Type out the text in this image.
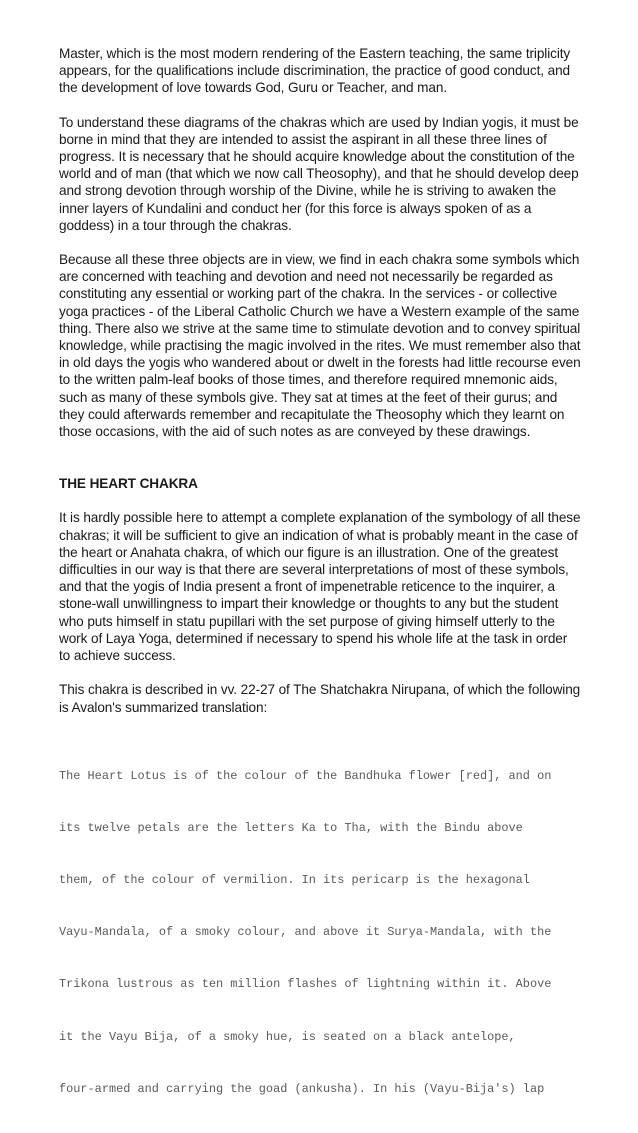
Master, which is the most modern rendering of the Eastern teaching, the same triplicity appears, for the qualifications include discrimination, the practice of good conduct, and the development of love towards God, Guru or Teacher, and man.

To understand these diagrams of the chakras which are used by Indian yogis, it must be borne in mind that they are intended to assist the aspirant in all these three lines of progress. It is necessary that he should acquire knowledge about the constitution of the world and of man (that which we now call Theosophy), and that he should develop deep and strong devotion through worship of the Divine, while he is striving to awaken the inner layers of Kundalini and conduct her (for this force is always spoken of as a goddess) in a tour through the chakras.

Because all these three objects are in view, we find in each chakra some symbols which are concerned with teaching and devotion and need not necessarily be regarded as constituting any essential or working part of the chakra. In the services - or collective yoga practices - of the Liberal Catholic Church we have a Western example of the same thing. There also we strive at the same time to stimulate devotion and to convey spiritual knowledge, while practising the magic involved in the rites. We must remember also that in old days the yogis who wandered about or dwelt in the forests had little recourse even to the written palm-leaf books of those times, and therefore required mnemonic aids, such as many of these symbols give. They sat at times at the feet of their gurus; and they could afterwards remember and recapitulate the Theosophy which they learnt on those occasions, with the aid of such notes as are conveyed by these drawings.

THE HEART CHAKRA

It is hardly possible here to attempt a complete explanation of the symbology of all these chakras; it will be sufficient to give an indication of what is probably meant in the case of the heart or Anahata chakra, of which our figure is an illustration. One of the greatest difficulties in our way is that there are several interpretations of most of these symbols, and that the yogis of India present a front of impenetrable reticence to the inquirer, a stone-wall unwillingness to impart their knowledge or thoughts to any but the student who puts himself in statu pupillari with the set purpose of giving himself utterly to the work of Laya Yoga, determined if necessary to spend his whole life at the task in order to achieve success.

This chakra is described in vv. 22-27 of The Shatchakra Nirupana, of which the following is Avalon's summarized translation:

The Heart Lotus is of the colour of the Bandhuka flower [red], and on

its twelve petals are the letters Ka to Tha, with the Bindu above

them, of the colour of vermilion. In its pericarp is the hexagonal

Vayu-Mandala, of a smoky colour, and above it Surya-Mandala, with the

Trikona lustrous as ten million flashes of lightning within it. Above

it the Vayu Bija, of a smoky hue, is seated on a black antelope,

four-armed and carrying the goad (ankusha). In his (Vayu-Bija's) lap
